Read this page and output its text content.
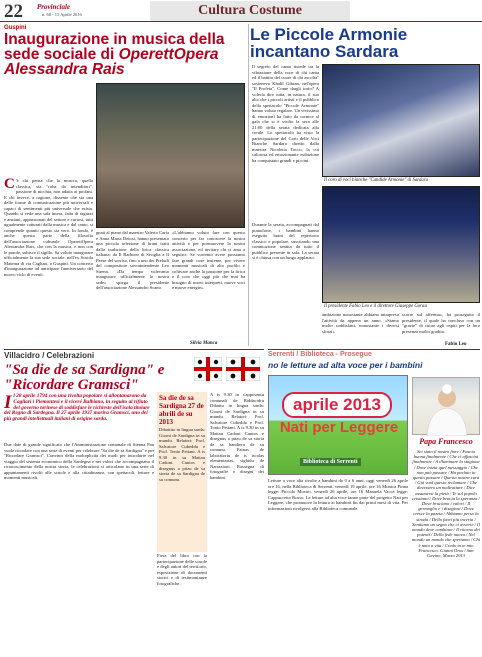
22 Provinciale
n. 68 - 15 Aprile 2016	Cultura Costume
Guspini
Inaugurazione in musica della
sede sociale di OperettOpera Alessandra Rais
C 'è chi pensa che la musica, quella classica, sia "roba da intenditori", passione di nicchia, non adatta ai profani. E chi invece, a ragione, dissente che sia una delle forme di comunicazione più universali e capaci di sentimenti più universale che esista. Quando si vede una sala intera, fatta di ragazzi e anziani, appassionati del settore e curiosi, tutti ugualmente catturati dalla musica e dal canto, si comprende quanto questo sia vero. In fondo, è anche questa parte della filosofia dell'associazione culturale OperettOpera Alessandra Rais, che con la musica, e non con le parole, subisce il sigillo. Sa voluto inaugurare ufficialmente la sua sede sociale, nell'ex Scuola Materna di via Cagliari, a Guspini. Un concerto d'inaugurazione ad anticipare l'anniversario del nuovo ciclo di eventi.
gnati al piano dal maestro Valerio Carta e Anna Maria Deiosi, hanno presentato una piccola selezione di brani tratti dalla tradizione della lirica classica italiana: da Il Barbiere di Siviglia a Il Paese del sorriso, fino a uno dei Preludi del compositore sovraintendente Leo Sirena. «Da tempo volevamo inaugurare ufficialmente la nostra sede» spiega il presidente dell'associazione Alessandro Scano.
«L'abbiamo voluto fare con questo concerto per far conoscere la nostra attività e per promuovere la nostra associazione, ed invitare chi ci ama a seguirci. Se vorremo avere possiamo fare grandi cose insieme, per vivere momenti musicali di alto profilo e coltivare anche la passione per la lirica e il coro che oggi più che mai ha bisogno di nuovi interpreti, nuove voci e nuove energie».
Silvia Manca
Le Piccole Armonie incantano Sardara
Il segreto del canto risiede tra la vibrazione della voce di chi canta ed il battito del cuore di chi ascolta" sostenevа Khalil Gibran, nel'opera "Il Profeta". Come dargli torto? A volerla dire tutta, in natura, il suo alto che i piccoli artisti e il pubblico della spettacolo "Piccole Armonie" hanno voluto regalare. Un vivissimo di emozioni ha fatto da cornice al gala che si è svolto la sera alle 21:00 della serata dedicata alla corale. Lo spettacolo ha visto la partecipazione del Coro delle Voci Bianche Sardara diretto dalla maestra Nicoletta Tocco, la cui calorosa ed emozionante esibizione ha conquistato grandi e piccini.
Durante la serata, accompagnati dal pianoforte, i bambini hanno eseguito brani del repertorio classico e popolare, suscitando una commozione sentita da tutto il pubblico presente in sala. La serata si è chiusa con un lungo applauso.
Il coro di voci bianche "Candide Armonie" di Sardara
Il presidente Fabio Leo e il direttore Giuseppe Gorau
ambizione nonostante abbiano intrapreso l'attività da appena un anno. «Siamo molto soddisfatti, nonostante i diversi sforzi»
scorre sul afferma», ha proseguito il presidente, il quale ha concluso con un "grazie" di cuore agli ospiti per la loro presenza molto gradita.
Fabio Leo
Villacidro / Celebrazioni
"Sa die de sa Sardigna" e "Ricordare Gramsci"
I l 28 aprile 1794 con una rivolta popolare si allontanarono da Cagliari i Piemontesi e il viceré Balbiano, in seguito al rifiuto del governo torinese di soddisfare le richieste dell'isola titolare del Regno di Sardegna. Il 27 aprile 1937 moriva Gramsci, uno dei più grandi intellettuali italiani di origine sarda.
Due date di grande significato che l'Amministrazione comunale di Sienna Pau vuole ricordare con una serie di eventi per celebrare "Sa die de sa Sardigna" e per "Ricordare Gramsci". Convinti della molteplicità dei modi per introdurre nel viaggio del sistema economico della Sardegna e nei valori che accompagnano il riconoscimento della nostra storia, le celebrazioni si articolano in una serie di appuntamenti rivolti alle scuole e alla cittadinanza, con spettacoli, letture e momenti musicali.
Sa die de sa Sardigna 27 de abrili de su 2013
Dibattito in lingua sarda: Giorni de Sardigna in su mundu. Relatori: Prof. Salvatore Cubeddu e Prof. Tonio Pettani. A is 9.30 in su Mattau Cadoni. Cuntos e disegnus a pitzu de sa storia de sa Sardigna de su comunu.
Fiera del libro con la partecipazione delle scuole e degli autori del territorio, esposizione di documenti storici e di testimonianze fotografiche.
A is 9.30 in s'apposentu comunali de Biddacidru Dibattu in lingua sarda: Giorni de Sardigna in su mundu. Relatori: Prof. Salvatore Cubeddu e Prof. Tonio Pettani. A is 9.30 in su Mattau Cadoni Cuntos e disegnus a pitzu de sa storia de sa bandiera de su comunu. Fainas de laboratoriu de is iscolas elementarias, sighidu de Narrazioni. Rassegna di fotografie e disegni dei bambini.
Serrenti / Biblioteca - Prosegue
no le letture ad alta voce per i bambini
aprile 2013
Nati per Leggere
Biblioteca di Serrenti
Letture a voce alta rivolte a bambini da 0 a 6 anni, oggi venerdì 26 aprile ore 16, nella Biblioteca di Serrenti. venerdì 19 aprile, ore 16 Monica Pinna legge: Piccolo Mostro. venerdì 26 aprile, ore 16 Manuela Vacca legge: Cappuccetto Rosso. Le letture ad alta voce fanno parte del progetto Nati per Leggere, che promuove la lettura ai bambini fin dai primi mesi di vita. Per informazioni rivolgersi alla Biblioteca comunale.
Papa Francesco
Sei stato il nostro fiore / Fascia buona finalmente / Che ci affascini finalmente / A illuminare la stagione / Dove inizia quel messaggio / Che non può passare / Ha parlato in questo passare / Questa nostra cura / Già vuol questo reclamare / Che dovessero un maltrattare / Dice assumersi la pietà / Te sul popolo cristiano / Dove brucia la speranza / Dove bruciano i valori / Il germoglio e i disagiosi / Dove cresce la pazzia / Abbiamo perso la strada / Della fuori più incerta / Sentiamo un segno che ci avverte / Il mondo deve cambiare / Il ritorno dei potenti / Della fede nuova / Nel mondo un mondo che speriamo / Chi è nato a vita / Credo in te mio Francesco. Gianni Oros / San Gavino, Marzo 2013
